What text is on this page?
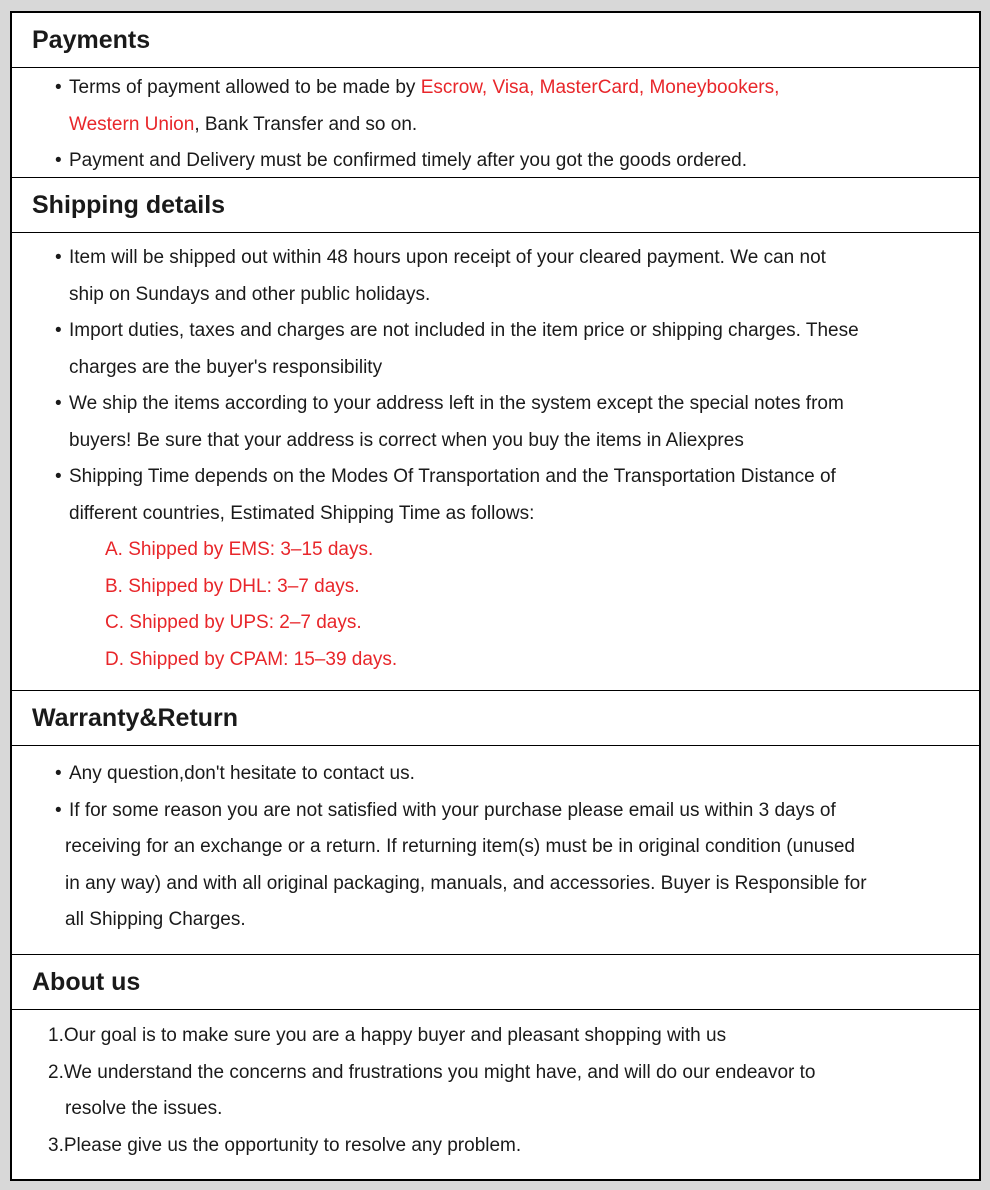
Payments
• Terms of payment allowed to be made by Escrow, Visa, MasterCard, Moneybookers,
Western Union, Bank Transfer and so on.
• Payment and Delivery must be confirmed timely after you got the goods ordered.
Shipping details
• Item will be shipped out within 48 hours upon receipt of your cleared payment. We can not
ship on Sundays and other public holidays.
• Import duties, taxes and charges are not included in the item price or shipping charges. These
charges are the buyer's responsibility
• We ship the items according to your address left in the system except the special notes from
buyers! Be sure that your address is correct when you buy the items in Aliexpres
• Shipping Time depends on the Modes Of Transportation and the Transportation Distance of
different countries, Estimated Shipping Time as follows:
A. Shipped by EMS: 3–15 days.
B. Shipped by DHL: 3–7 days.
C. Shipped by UPS: 2–7 days.
D. Shipped by CPAM: 15–39 days.
Warranty&Return
• Any question,don't hesitate to contact us.
• If for some reason you are not satisfied with your purchase please email us within 3 days of
receiving for an exchange or a return. If returning item(s) must be in original condition (unused
in any way) and with all original packaging, manuals, and accessories. Buyer is Responsible for
all Shipping Charges.
About us
1.Our goal is to make sure you are a happy buyer and pleasant shopping with us
2.We understand the concerns and frustrations you might have, and will do our endeavor to
resolve the issues.
3.Please give us the opportunity to resolve any problem.
